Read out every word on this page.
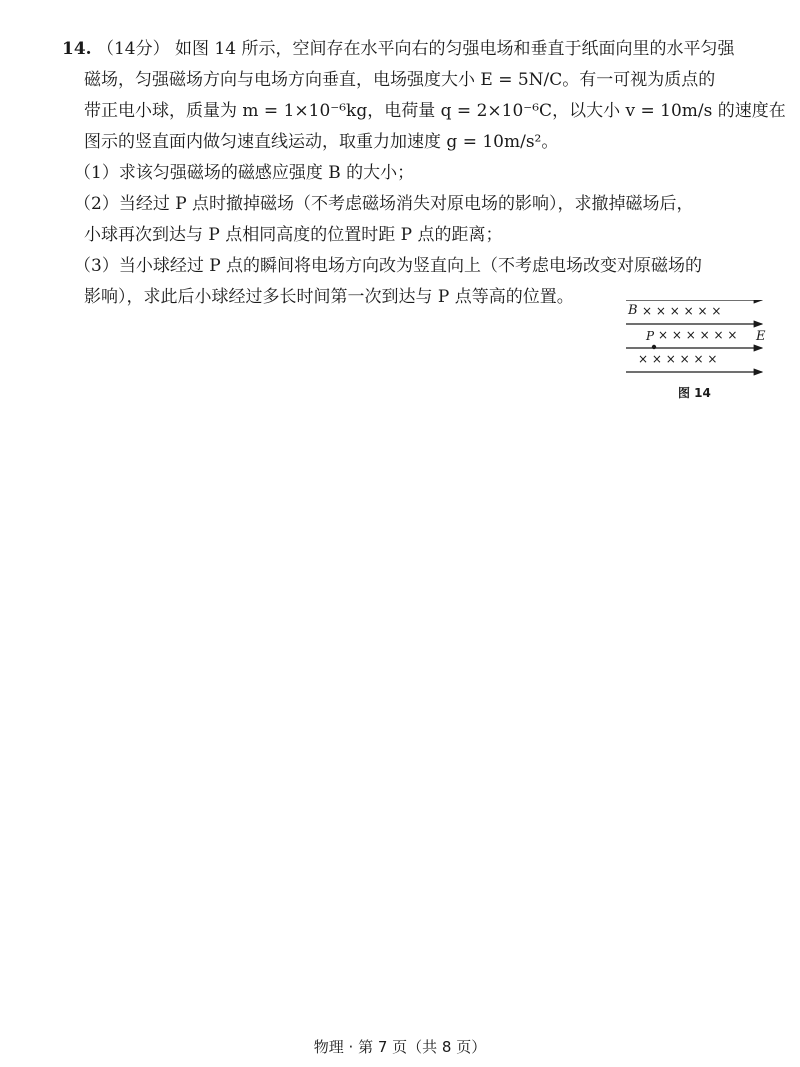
14. （14分） 如图 14 所示，空间存在水平向右的匀强电场和垂直于纸面向里的水平匀强
磁场，匀强磁场方向与电场方向垂直，电场强度大小 E = 5N/C。有一可视为质点的
带正电小球，质量为 m = 1×10⁻⁶kg，电荷量 q = 2×10⁻⁶C，以大小 v = 10m/s 的速度在
图示的竖直面内做匀速直线运动，取重力加速度 g = 10m/s²。
（1）求该匀强磁场的磁感应强度 B 的大小；
（2）当经过 P 点时撤掉磁场（不考虑磁场消失对原电场的影响），求撤掉磁场后，
小球再次到达与 P 点相同高度的位置时距 P 点的距离；
（3）当小球经过 P 点的瞬间将电场方向改为竖直向上（不考虑电场改变对原磁场的
影响），求此后小球经过多长时间第一次到达与 P 点等高的位置。
B
P	E
× × × × × ×
× × × × × ×
× × × × × ×
图 14
物理 · 第 7 页（共 8 页）
